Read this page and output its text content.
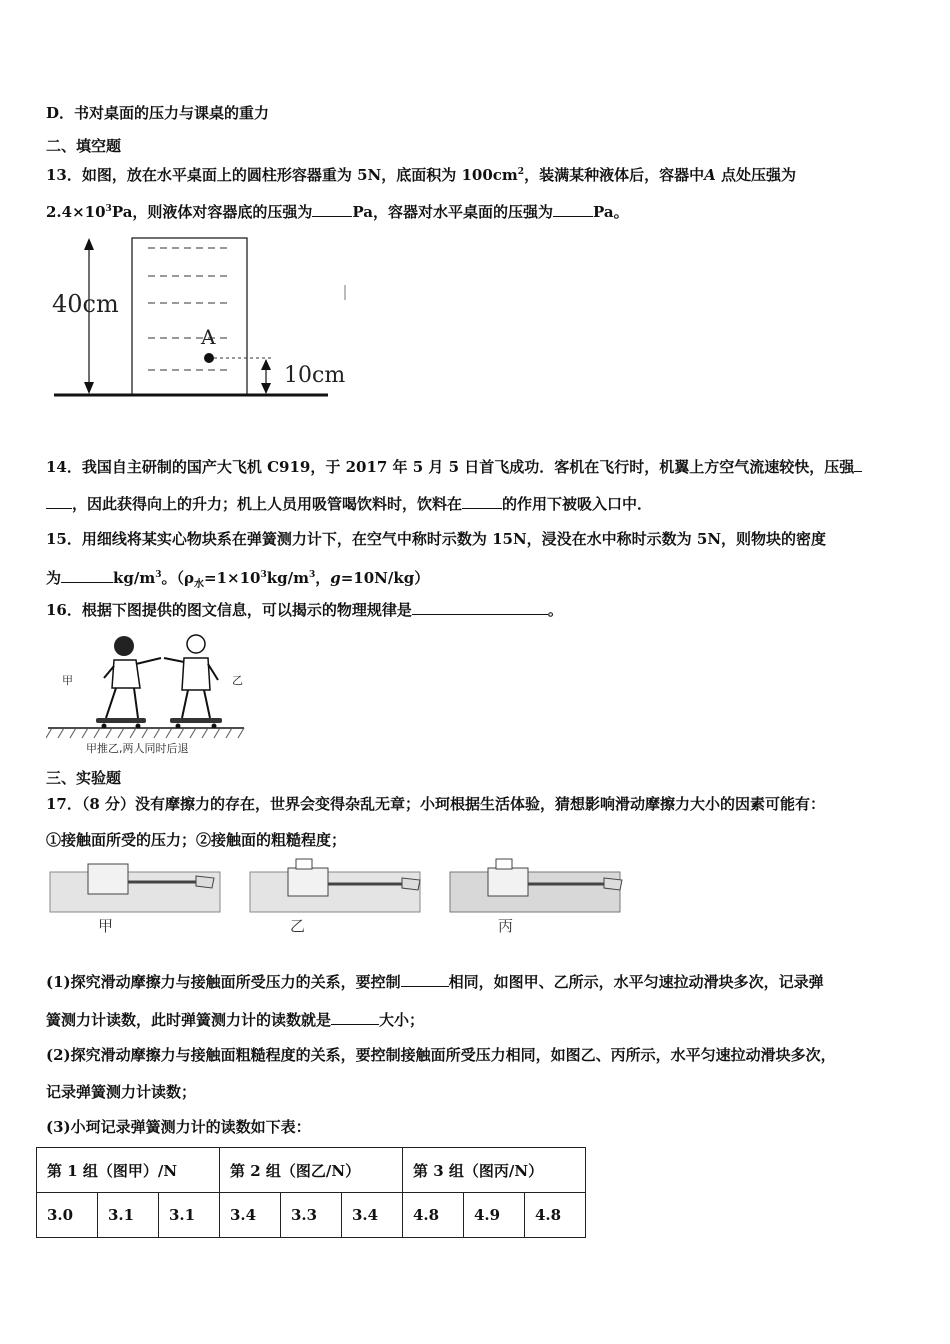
D．书对桌面的压力与课桌的重力
二、填空题
13．如图，放在水平桌面上的圆柱形容器重为 5N，底面积为 $100cm^2$，装满某种液体后，容器中A 点处压强为
$2.4\times 10^3Pa$，则液体对容器底的压强为	Pa，容器对水平桌面的压强为	Pa。
40cm
10cm
A
14．我国自主研制的国产大飞机 C919，于 2017 年 5 月 5 日首飞成功．客机在飞行时，机翼上方空气流速较快，压强
，因此获得向上的升力；机上人员用吸管喝饮料时，饮料在	的作用下被吸入口中．
15．用细线将某实心物块系在弹簧测力计下，在空气中称时示数为 15N，浸没在水中称时示数为 5N，则物块的密度
为	$kg/m^3$。（$\rho_水=1\times 10^3kg/m^3$，g=10N/kg）
16．根据下图提供的图文信息，可以揭示的物理规律是	。
甲	乙
甲推乙,两人同时后退
三、实验题
17．（8 分）没有摩擦力的存在，世界会变得杂乱无章；小珂根据生活体验，猜想影响滑动摩擦力大小的因素可能有：
①接触面所受的压力；②接触面的粗糙程度；
甲	乙	丙
(1)探究滑动摩擦力与接触面所受压力的关系，要控制	相同，如图甲、乙所示，水平匀速拉动滑块多次，记录弹
簧测力计读数，此时弹簧测力计的读数就是	大小；
(2)探究滑动摩擦力与接触面粗糙程度的关系，要控制接触面所受压力相同，如图乙、丙所示，水平匀速拉动滑块多次，
记录弹簧测力计读数；
(3)小珂记录弹簧测力计的读数如下表：
第 1 组（图甲）/N			第 2 组（图乙/N）			第 3 组（图丙/N）		
3.0	3.1	3.1	3.4	3.3	3.4	4.8	4.9	4.8
